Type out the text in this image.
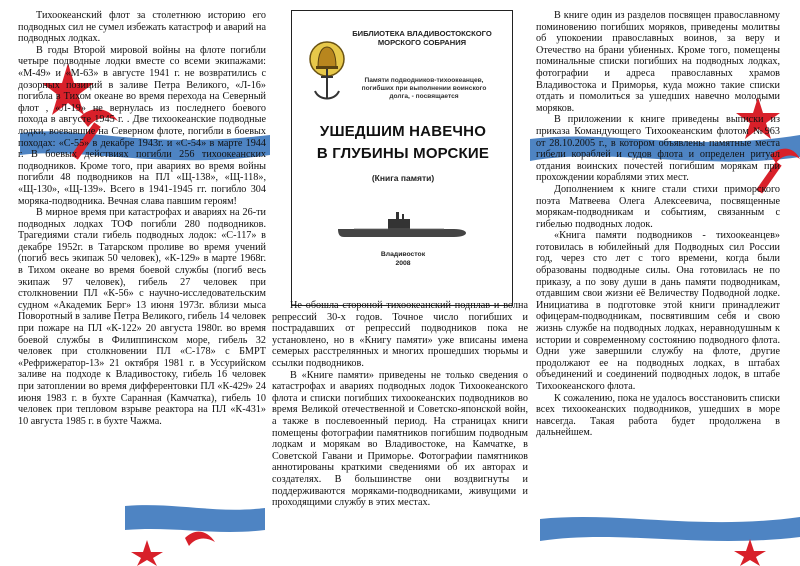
Тихоокеанский флот за столетнюю историю его подводных сил не сумел избежать катастроф и аварий на подводных лодках.

В годы Второй мировой войны на флоте погибли четыре подводные лодки вместе со всеми экипажами: «М-49» и «М-63» в августе 1941 г. не возвратились с дозорных позиций в заливе Петра Великого, «Л-16» погибла в Тихом океане во время перехода на Северный флот , «Л-19» не вернулась из последнего боевого похода в августе 1945 г. . Две тихоокеанские подводные лодки, воевавшие на Северном флоте, погибли в боевых походах: «С-55» в декабре 1943г. и «С-54» в марте 1944 г. В боевых действиях погибли 256 тихоокеанских подводников. Кроме того, при авариях во время войны погибли 48 подводников на ПЛ «Щ-138», «Щ-118», «Щ-130», «Щ-139». Всего в 1941-1945 гг. погибло 304 моряка-подводника. Вечная слава павшим героям!

В мирное время при катастрофах и авариях на 26-ти подводных лодках ТОФ погибли 280 подводников. Трагедиями стали гибель подводных лодок: «С-117» в декабре 1952г. в Татарском проливе во время учений (погиб весь экипаж 50 человек), «К-129» в марте 1968г. в Тихом океане во время боевой службы (погиб весь экипаж 97 человек), гибель 27 человек при столкновении ПЛ «К-56» с научно-исследовательским судном «Академик Берг» 13 июня 1973г. вблизи мыса Поворотный в заливе Петра Великого, гибель 14 человек при пожаре на ПЛ «К-122» 20 августа 1980г. во время боевой службы в Филиппинском море, гибель 32 человек при столкновении ПЛ «С-178» с БМРТ «Рефрижератор-13» 21 октября 1981 г. в Уссурийском заливе на подходе к Владивостоку, гибель 16 человек при затоплении во время дифферентовки ПЛ «К-429» 24 июня 1983 г. в бухте Саранная (Камчатка), гибель 10 человек при тепловом взрыве реактора на ПЛ «К-431» 10 августа 1985 г. в бухте Чажма.

БИБЛИОТЕКА ВЛАДИВОСТОКСКОГО МОРСКОГО СОБРАНИЯ
Памяти подводников-тихоокеанцев, погибших при выполнении воинского долга, - посвящается
УШЕДШИМ НАВЕЧНО
В ГЛУБИНЫ МОРСКИЕ
(Книга памяти)
Владивосток
2008

Не обошла стороной тихоокеанский подплав и волна репрессий 30-х годов. Точное число погибших и пострадавших от репрессий подводников пока не установлено, но в «Книгу памяти» уже вписаны имена семерых расстрелянных и многих прошедших тюрьмы и ссылки подводников.

В «Книге памяти» приведены не только сведения о катастрофах и авариях подводных лодок Тихоокеанского флота и списки погибших тихоокеанских подводников во время Великой отечественной и Советско-японской войн, а также в послевоенный период. На страницах книги помещены фотографии памятников погибшим подводным лодкам и морякам во Владивостоке, на Камчатке, в Советской Гавани и Приморье. Фотографии памятников аннотированы краткими сведениями об их авторах и создателях. В большинстве они воздвигнуты и поддерживаются моряками-подводниками, живущими и проходящими службу в этих местах.

В книге один из разделов посвящен православному поминовению погибших моряков, приведены молитвы об упокоении православных воинов, за веру и Отечество на брани убиенных. Кроме того, помещены поминальные списки погибших на подводных лодках, фотографии и адреса православных храмов Владивостока и Приморья, куда можно такие списки отдать и помолиться за ушедших навечно молодыми моряков.

В приложении к книге приведены выписки из приказа Командующего Тихоокеанским флотом №963 от 28.10.2005 г., в котором объявлены памятные места гибели кораблей и судов флота и определен ритуал отдания воинских почестей погибшим морякам при прохождении кораблями этих мест.

Дополнением к книге стали стихи приморского поэта Матвеева Олега Алексеевича, посвященные морякам-подводникам и событиям, связанным с гибелью подводных лодок.

«Книга памяти подводников - тихоокеанцев» готовилась в юбилейный для Подводных сил России год, через сто лет с того времени, когда были образованы подводные силы. Она готовилась не по приказу, а по зову души в дань памяти подводникам, отдавшим свои жизни её Величеству Подводной лодке. Инициатива в подготовке этой книги принадлежит офицерам-подводникам, посвятившим себя и свою жизнь службе на подводных лодках, неравнодушным к истории и современному состоянию подводного флота. Одни уже завершили службу на флоте, другие продолжают ее на подводных лодках, в штабах объединений и соединений подводных лодок, в штабе Тихоокеанского флота.

К сожалению, пока не удалось восстановить списки всех тихоокеанских подводников, ушедших в море навсегда. Такая работа будет продолжена в дальнейшем.
